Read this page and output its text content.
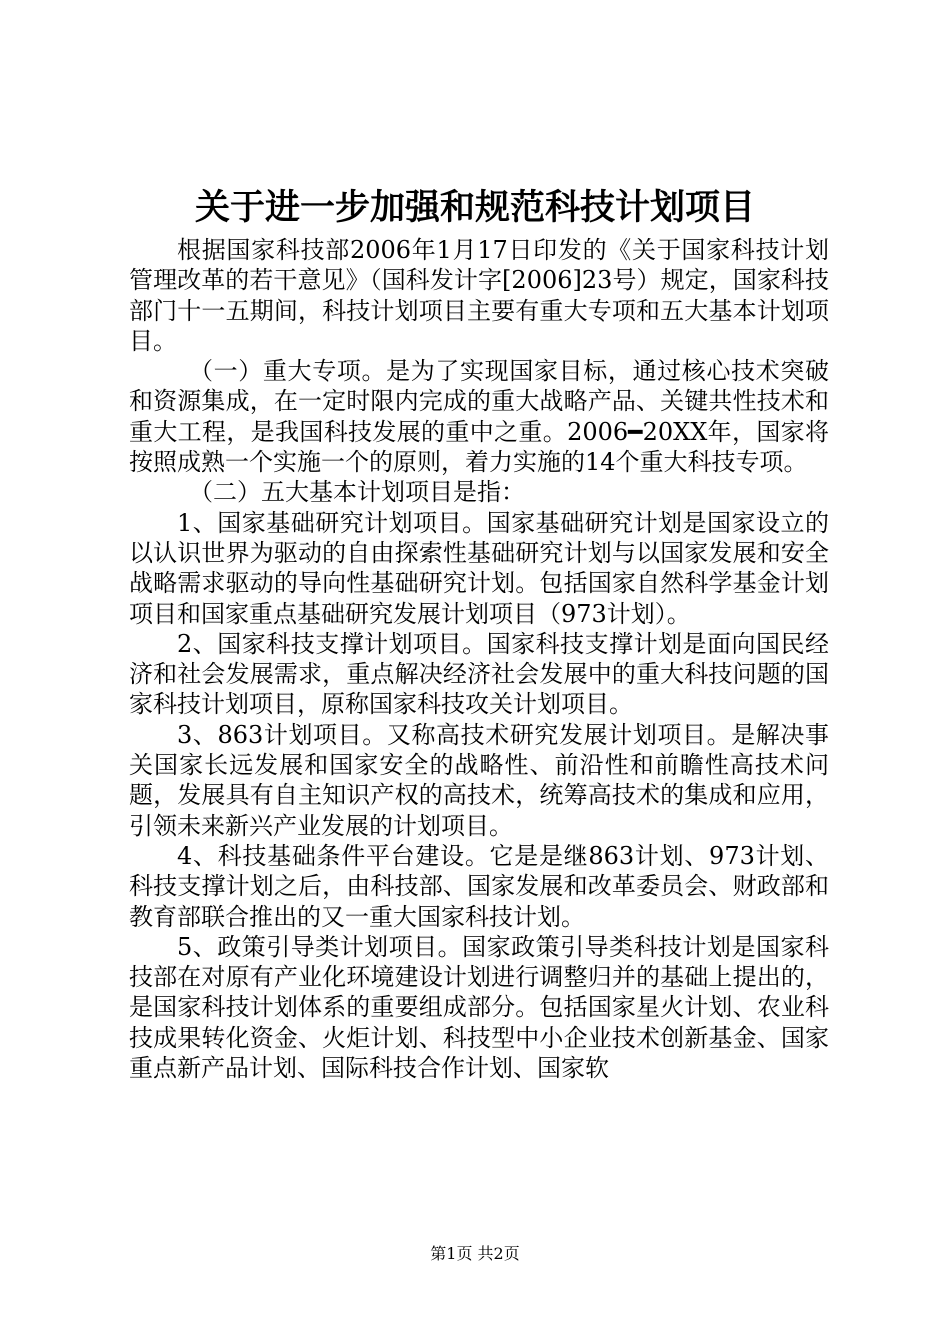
关于进一步加强和规范科技计划项目

根据国家科技部2006年1月17日印发的《关于国家科技计划管理改革的若干意见》（国科发计字[2006]23号）规定，国家科技部门十一五期间，科技计划项目主要有重大专项和五大基本计划项目。

（一）重大专项。是为了实现国家目标，通过核心技术突破和资源集成，在一定时限内完成的重大战略产品、关键共性技术和重大工程，是我国科技发展的重中之重。2006━20XX年，国家将按照成熟一个实施一个的原则，着力实施的14个重大科技专项。

（二）五大基本计划项目是指：

1、国家基础研究计划项目。国家基础研究计划是国家设立的以认识世界为驱动的自由探索性基础研究计划与以国家发展和安全战略需求驱动的导向性基础研究计划。包括国家自然科学基金计划项目和国家重点基础研究发展计划项目（973计划）。

2、国家科技支撑计划项目。国家科技支撑计划是面向国民经济和社会发展需求，重点解决经济社会发展中的重大科技问题的国家科技计划项目，原称国家科技攻关计划项目。

3、863计划项目。又称高技术研究发展计划项目。是解决事关国家长远发展和国家安全的战略性、前沿性和前瞻性高技术问题，发展具有自主知识产权的高技术，统筹高技术的集成和应用，引领未来新兴产业发展的计划项目。

4、科技基础条件平台建设。它是是继863计划、973计划、科技支撑计划之后，由科技部、国家发展和改革委员会、财政部和教育部联合推出的又一重大国家科技计划。

5、政策引导类计划项目。国家政策引导类科技计划是国家科技部在对原有产业化环境建设计划进行调整归并的基础上提出的，是国家科技计划体系的重要组成部分。包括国家星火计划、农业科技成果转化资金、火炬计划、科技型中小企业技术创新基金、国家重点新产品计划、国际科技合作计划、国家软

第1页 共2页
